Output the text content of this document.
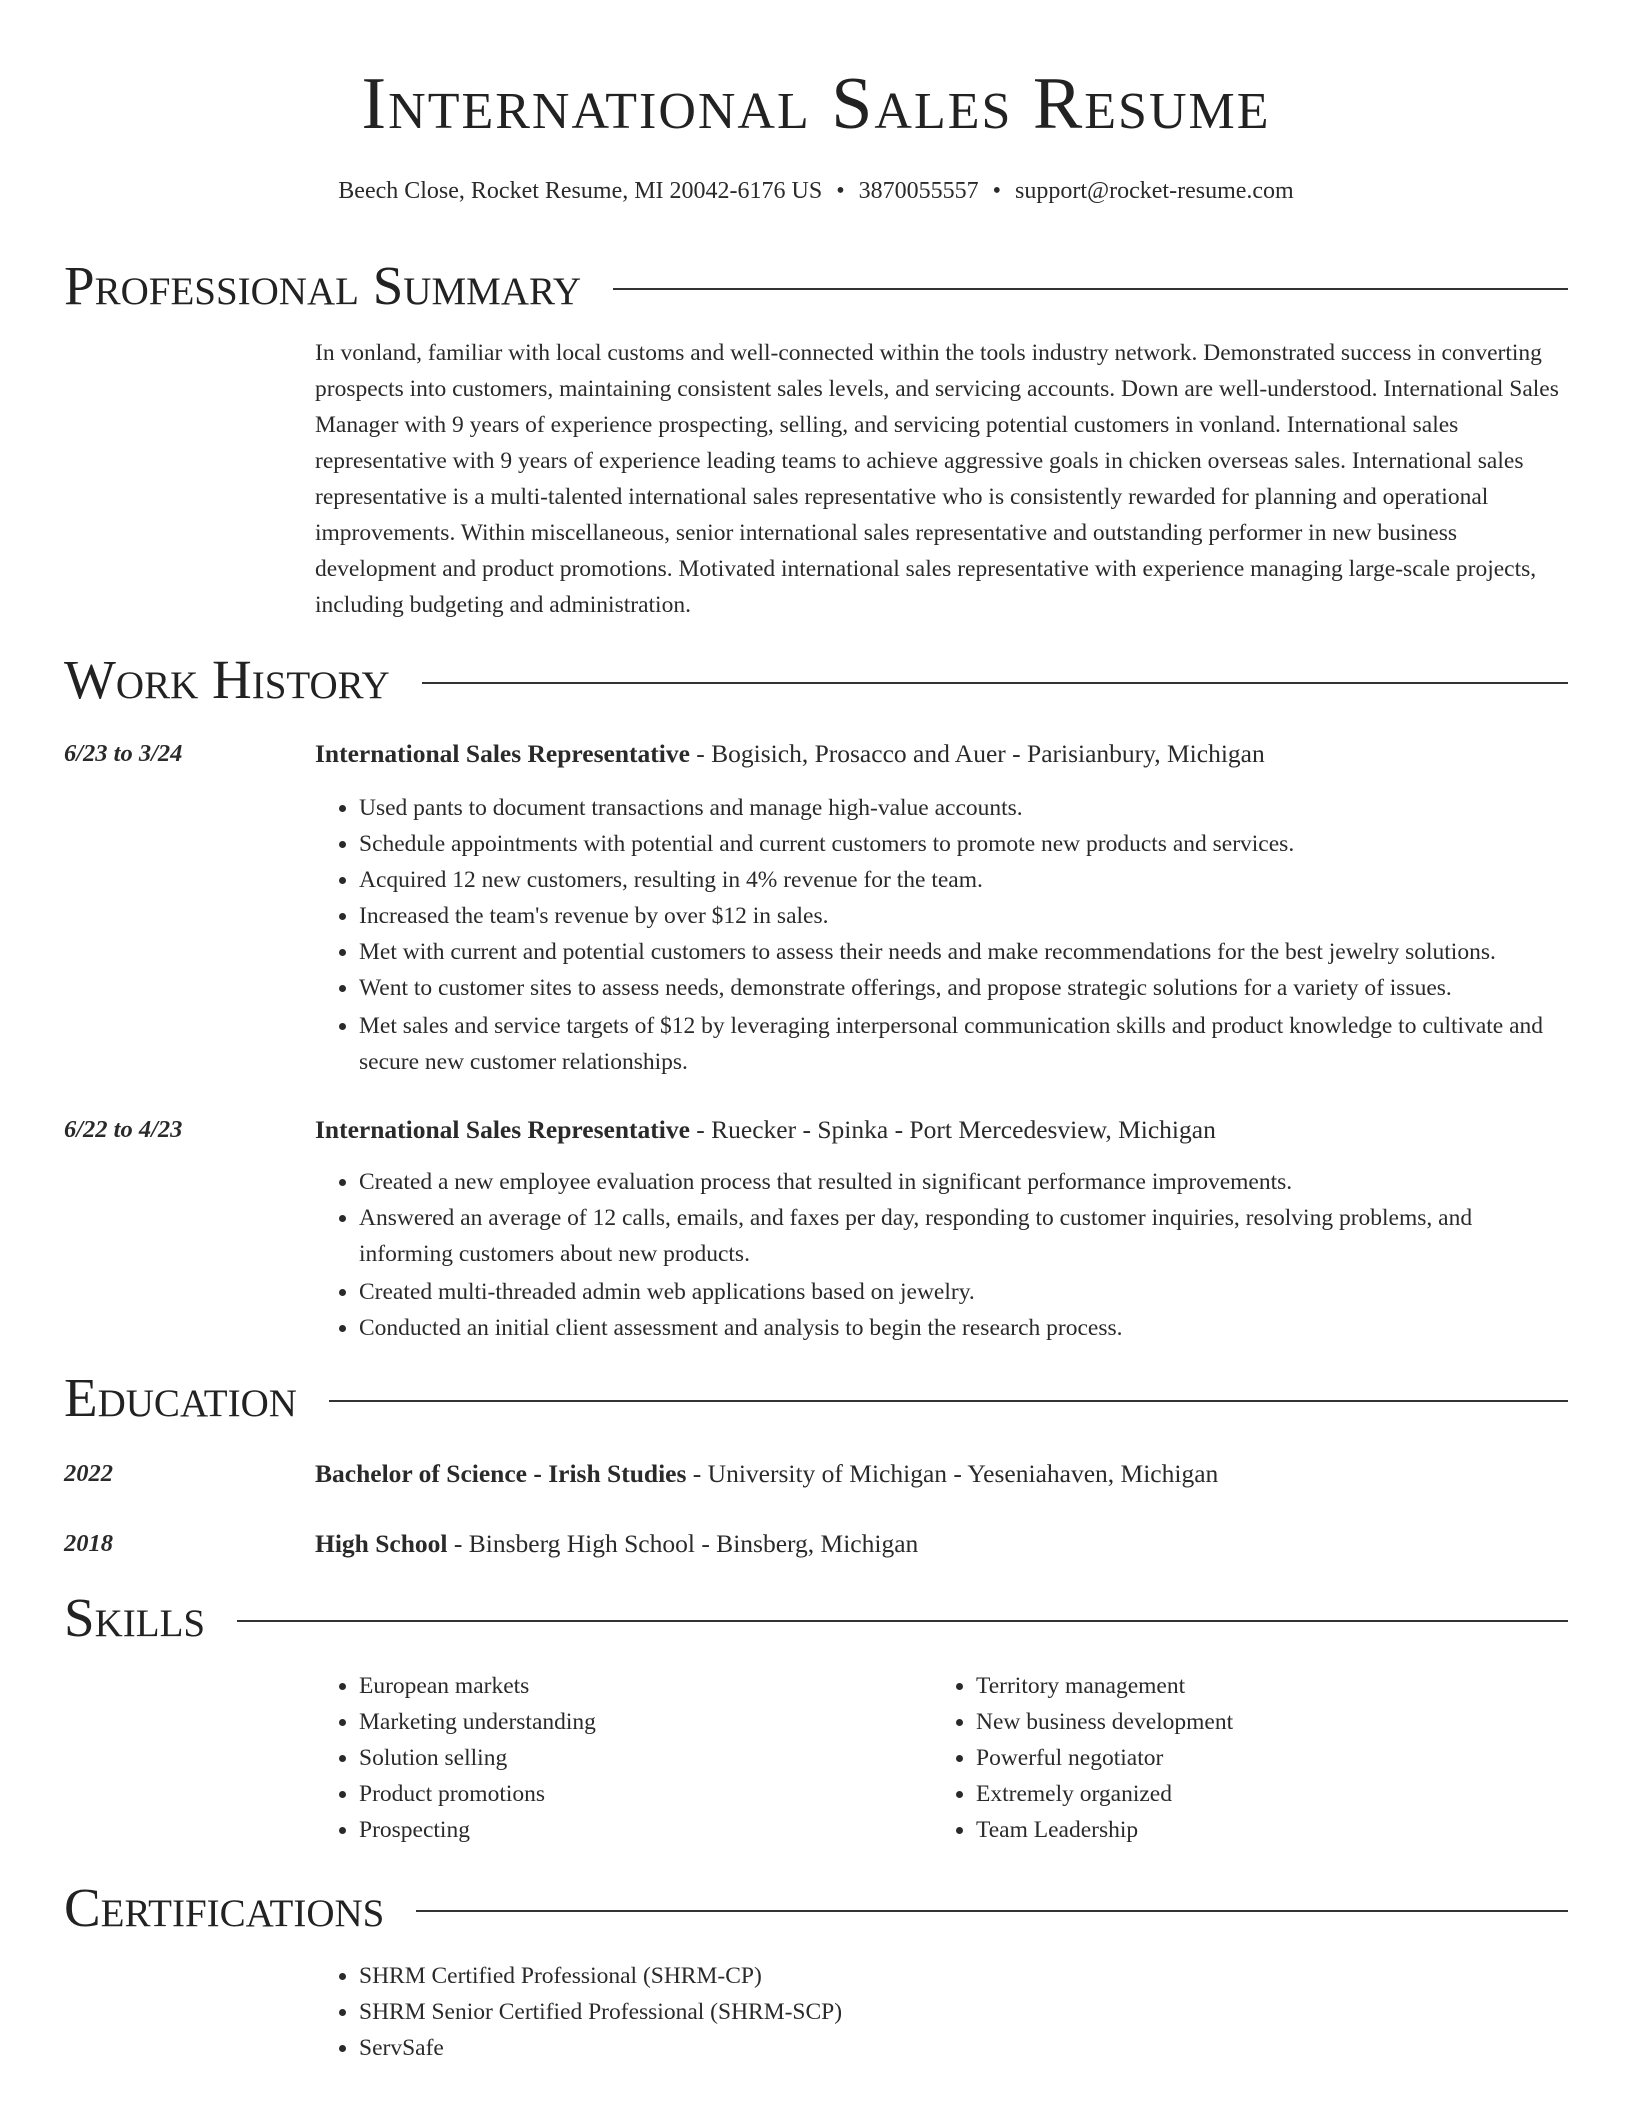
International Sales Resume
Beech Close, Rocket Resume, MI 20042-6176 US • 3870055557 • support@rocket-resume.com
Professional Summary
In vonland, familiar with local customs and well-connected within the tools industry network. Demonstrated success in converting prospects into customers, maintaining consistent sales levels, and servicing accounts. Down are well-understood. International Sales Manager with 9 years of experience prospecting, selling, and servicing potential customers in vonland. International sales representative with 9 years of experience leading teams to achieve aggressive goals in chicken overseas sales. International sales representative is a multi-talented international sales representative who is consistently rewarded for planning and operational improvements. Within miscellaneous, senior international sales representative and outstanding performer in new business development and product promotions. Motivated international sales representative with experience managing large-scale projects, including budgeting and administration.
Work History
6/23 to 3/24	International Sales Representative - Bogisich, Prosacco and Auer - Parisianbury, Michigan
• Used pants to document transactions and manage high-value accounts.
• Schedule appointments with potential and current customers to promote new products and services.
• Acquired 12 new customers, resulting in 4% revenue for the team.
• Increased the team's revenue by over $12 in sales.
• Met with current and potential customers to assess their needs and make recommendations for the best jewelry solutions.
• Went to customer sites to assess needs, demonstrate offerings, and propose strategic solutions for a variety of issues.
• Met sales and service targets of $12 by leveraging interpersonal communication skills and product knowledge to cultivate and secure new customer relationships.
6/22 to 4/23	International Sales Representative - Ruecker - Spinka - Port Mercedesview, Michigan
• Created a new employee evaluation process that resulted in significant performance improvements.
• Answered an average of 12 calls, emails, and faxes per day, responding to customer inquiries, resolving problems, and informing customers about new products.
• Created multi-threaded admin web applications based on jewelry.
• Conducted an initial client assessment and analysis to begin the research process.
Education
2022	Bachelor of Science - Irish Studies - University of Michigan - Yeseniahaven, Michigan
2018	High School - Binsberg High School - Binsberg, Michigan
Skills
• European markets
• Marketing understanding
• Solution selling
• Product promotions
• Prospecting
• Territory management
• New business development
• Powerful negotiator
• Extremely organized
• Team Leadership
Certifications
• SHRM Certified Professional (SHRM-CP)
• SHRM Senior Certified Professional (SHRM-SCP)
• ServSafe
